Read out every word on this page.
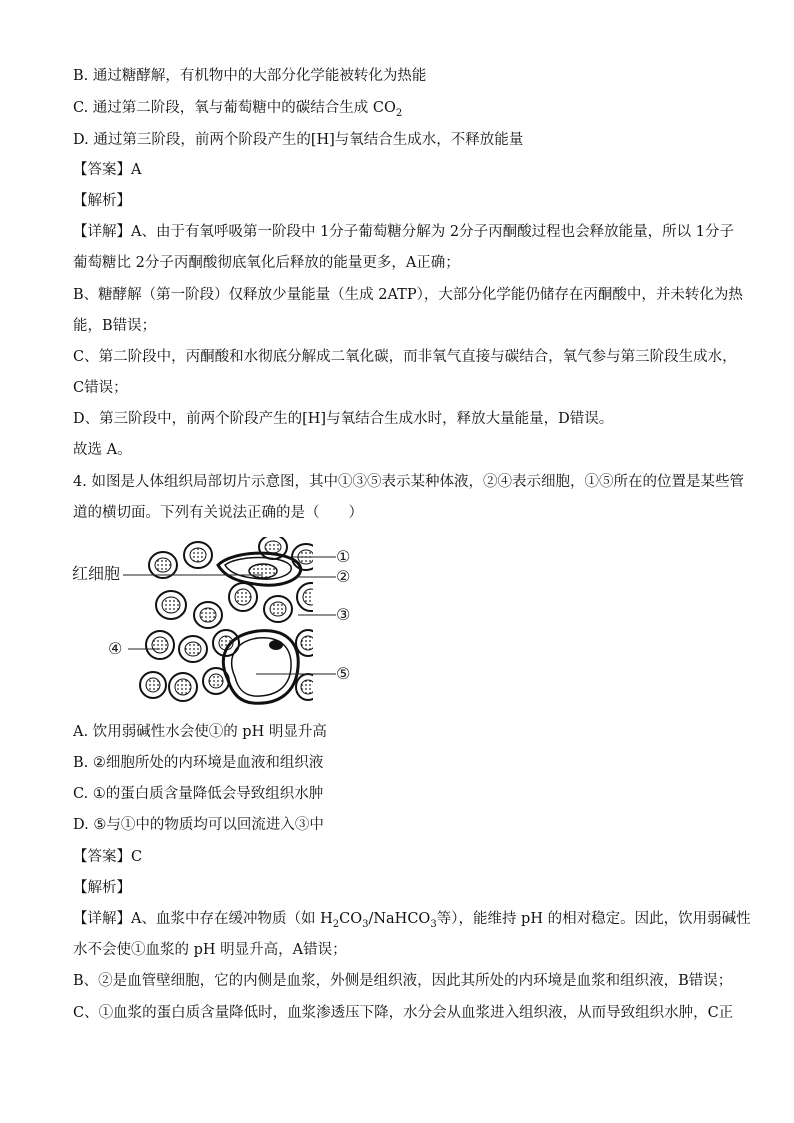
B. 通过糖酵解，有机物中的大部分化学能被转化为热能
C. 通过第二阶段，氧与葡萄糖中的碳结合生成 $CO_2$
D. 通过第三阶段，前两个阶段产生的[H]与氧结合生成水，不释放能量
【答案】A
【解析】
【详解】A、由于有氧呼吸第一阶段中 1分子葡萄糖分解为 2分子丙酮酸过程也会释放能量，所以 1分子
葡萄糖比 2分子丙酮酸彻底氧化后释放的能量更多，A正确；
B、糖酵解（第一阶段）仅释放少量能量（生成 2ATP），大部分化学能仍储存在丙酮酸中，并未转化为热
能，B错误；
C、第二阶段中，丙酮酸和水彻底分解成二氧化碳，而非氧气直接与碳结合，氧气参与第三阶段生成水，
C错误；
D、第三阶段中，前两个阶段产生的[H]与氧结合生成水时，释放大量能量，D错误。
故选 A。
4. 如图是人体组织局部切片示意图，其中①③⑤表示某种体液，②④表示细胞，①⑤所在的位置是某些管
道的横切面。下列有关说法正确的是（　　）
红细胞
①
②
③
④
⑤
A. 饮用弱碱性水会使①的 pH 明显升高
B. ②细胞所处的内环境是血液和组织液
C. ①的蛋白质含量降低会导致组织水肿
D. ⑤与①中的物质均可以回流进入③中
【答案】C
【解析】
【详解】A、血浆中存在缓冲物质（如 $H_2CO_3/NaHCO_3$等），能维持 pH 的相对稳定。因此，饮用弱碱性
水不会使①血浆的 pH 明显升高，A错误；
B、②是血管壁细胞，它的内侧是血浆，外侧是组织液，因此其所处的内环境是血浆和组织液，B错误；
C、①血浆的蛋白质含量降低时，血浆渗透压下降，水分会从血浆进入组织液，从而导致组织水肿，C正
